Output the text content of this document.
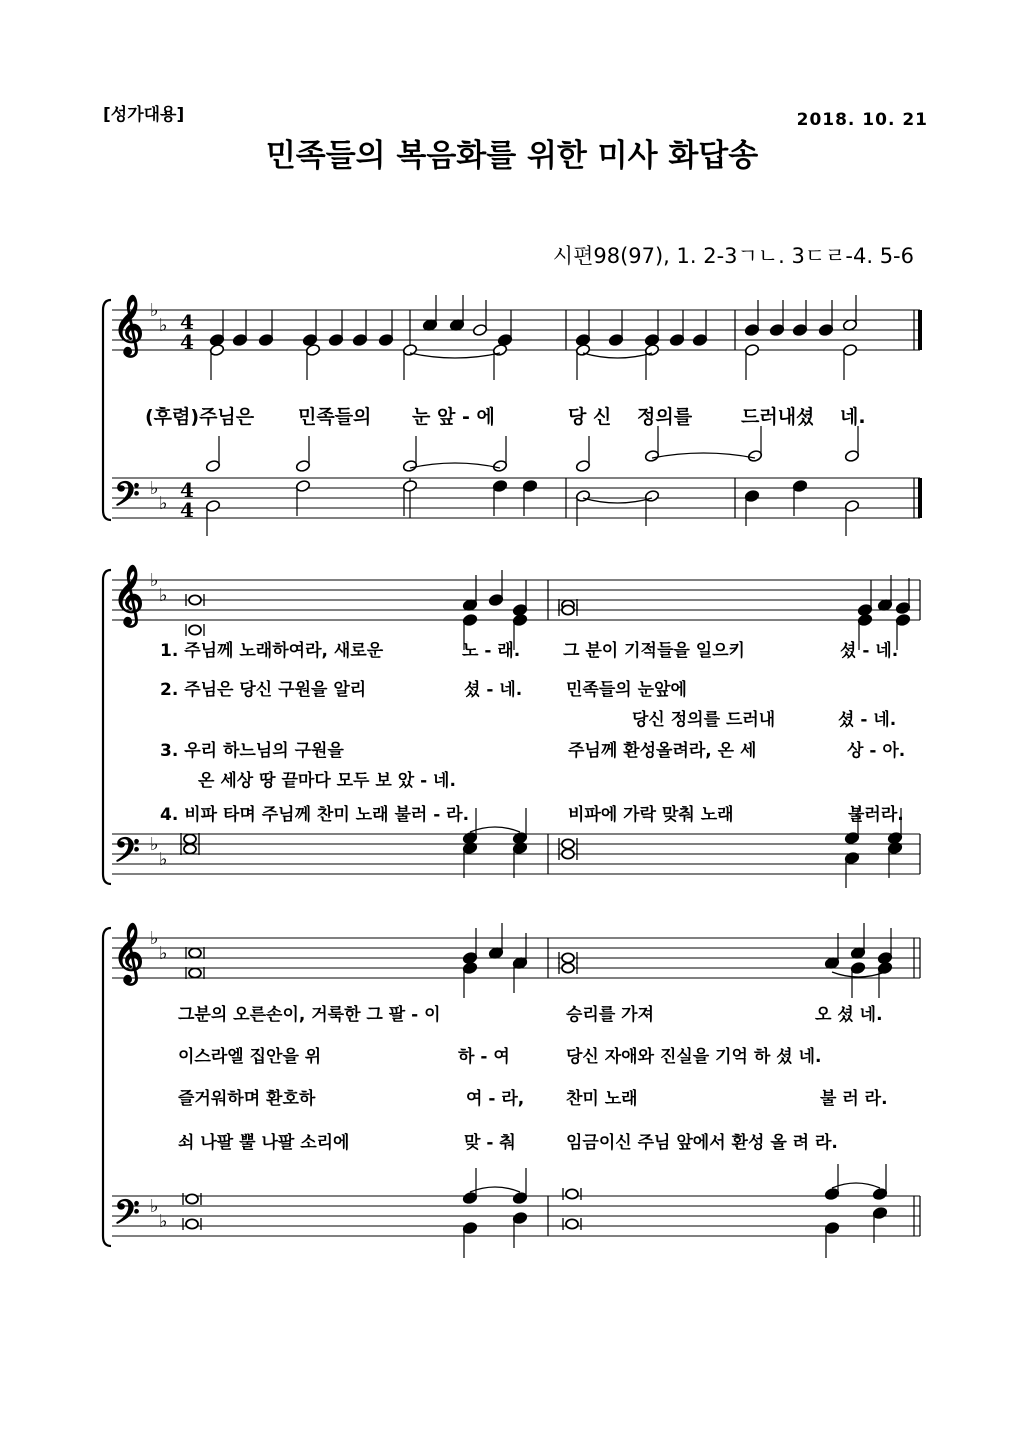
[성가대용]	2018. 10. 21
민족들의 복음화를 위한 미사 화답송
시편98(97), 1. 2-3ㄱㄴ. 3ㄷㄹ-4. 5-6
𝄞
𝄢
♭
♭
♭
♭
4
4
4
4
𝄞
𝄢
♭
♭
♭
♭
𝄞
𝄢
♭
♭
♭
♭
(후렴)주님은 민족들의 눈 앞 - 에	당 신 정의를	드러내셨 네.
1. 주님께 노래하여라, 새로운	노 - 래.	그 분이 기적들을 일으키	셨 - 네.
2. 주님은 당신 구원을 알리	셨 - 네.	민족들의 눈앞에
당신 정의를 드러내	셨 - 네.
3. 우리 하느님의 구원을	주님께 환성올려라, 온 세	상 - 아.
온 세상 땅 끝마다 모두 보 았 - 네.
4. 비파 타며 주님께 찬미 노래 불러 - 라.	비파에 가락 맞춰 노래	불러라.
그분의 오른손이, 거룩한 그 팔 - 이	승리를 가져	오 셨 네.
이스라엘 집안을 위	하 - 여	당신 자애와 진실을 기억 하 셨 네.
즐거워하며 환호하	여 - 라, 찬미 노래	불 러 라.
쇠 나팔 뿔 나팔 소리에	맞 - 춰	임금이신 주님 앞에서 환성 올 려 라.
